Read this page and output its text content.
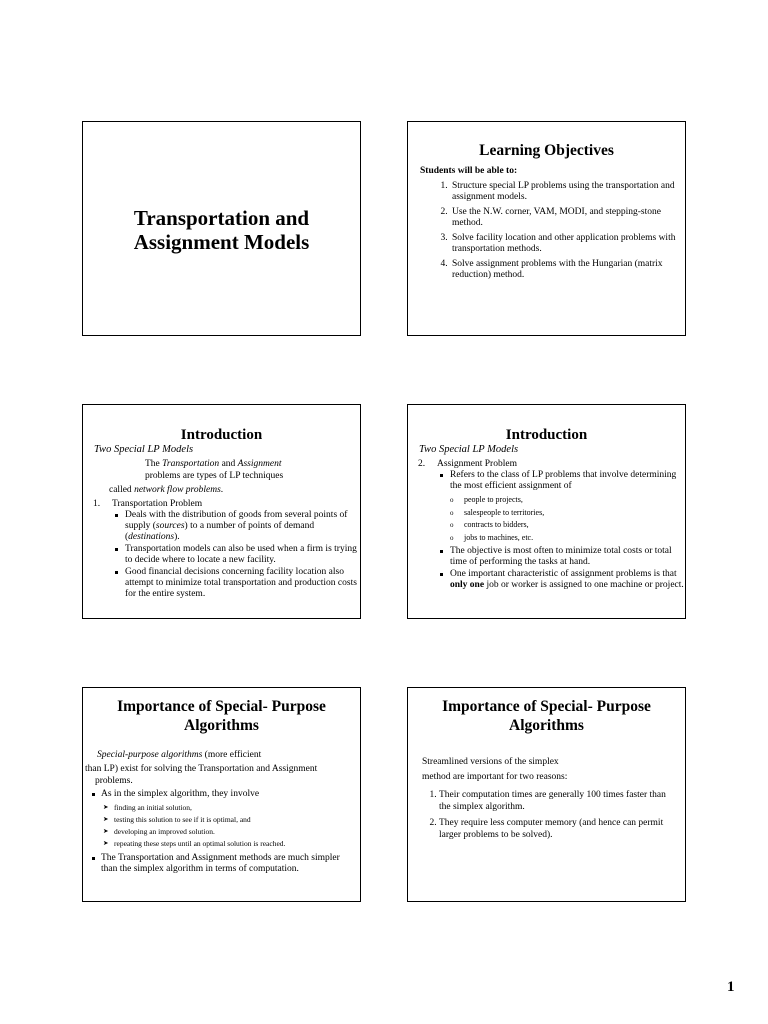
Transportation and
Assignment Models
Learning Objectives
Students will be able to:
1. Structure special LP problems using the transportation and assignment models.
2. Use the N.W. corner, VAM, MODI, and stepping-stone method.
3. Solve facility location and other application problems with transportation methods.
4. Solve assignment problems with the Hungarian (matrix reduction) method.
Introduction
Two Special LP Models
The Transportation and Assignment
problems are types of LP techniques
called network flow problems.
1. Transportation Problem
Deals with the distribution of goods from several points of supply (sources) to a number of points of demand (destinations).
Transportation models can also be used when a firm is trying to decide where to locate a new facility.
Good financial decisions concerning facility location also attempt to minimize total transportation and production costs for the entire system.
Introduction
Two Special LP Models
2. Assignment Problem
Refers to the class of LP problems that involve determining the most efficient assignment of
o people to projects,
o salespeople to territories,
o contracts to bidders,
o jobs to machines, etc.
The objective is most often to minimize total costs or total time of performing the tasks at hand.
One important characteristic of assignment problems is that only one job or worker is assigned to one machine or project.
Importance of Special- Purpose Algorithms
Special-purpose algorithms (more efficient
than LP) exist for solving the Transportation and Assignment
problems.
As in the simplex algorithm, they involve
➤ finding an initial solution,
➤ testing this solution to see if it is optimal, and
➤ developing an improved solution.
➤ repeating these steps until an optimal solution is reached.
The Transportation and Assignment methods are much simpler than the simplex algorithm in terms of computation.
Importance of Special- Purpose Algorithms
Streamlined versions of the simplex
method are important for two reasons:
1. Their computation times are generally 100 times faster than the simplex algorithm.
2. They require less computer memory (and hence can permit larger problems to be solved).
1
